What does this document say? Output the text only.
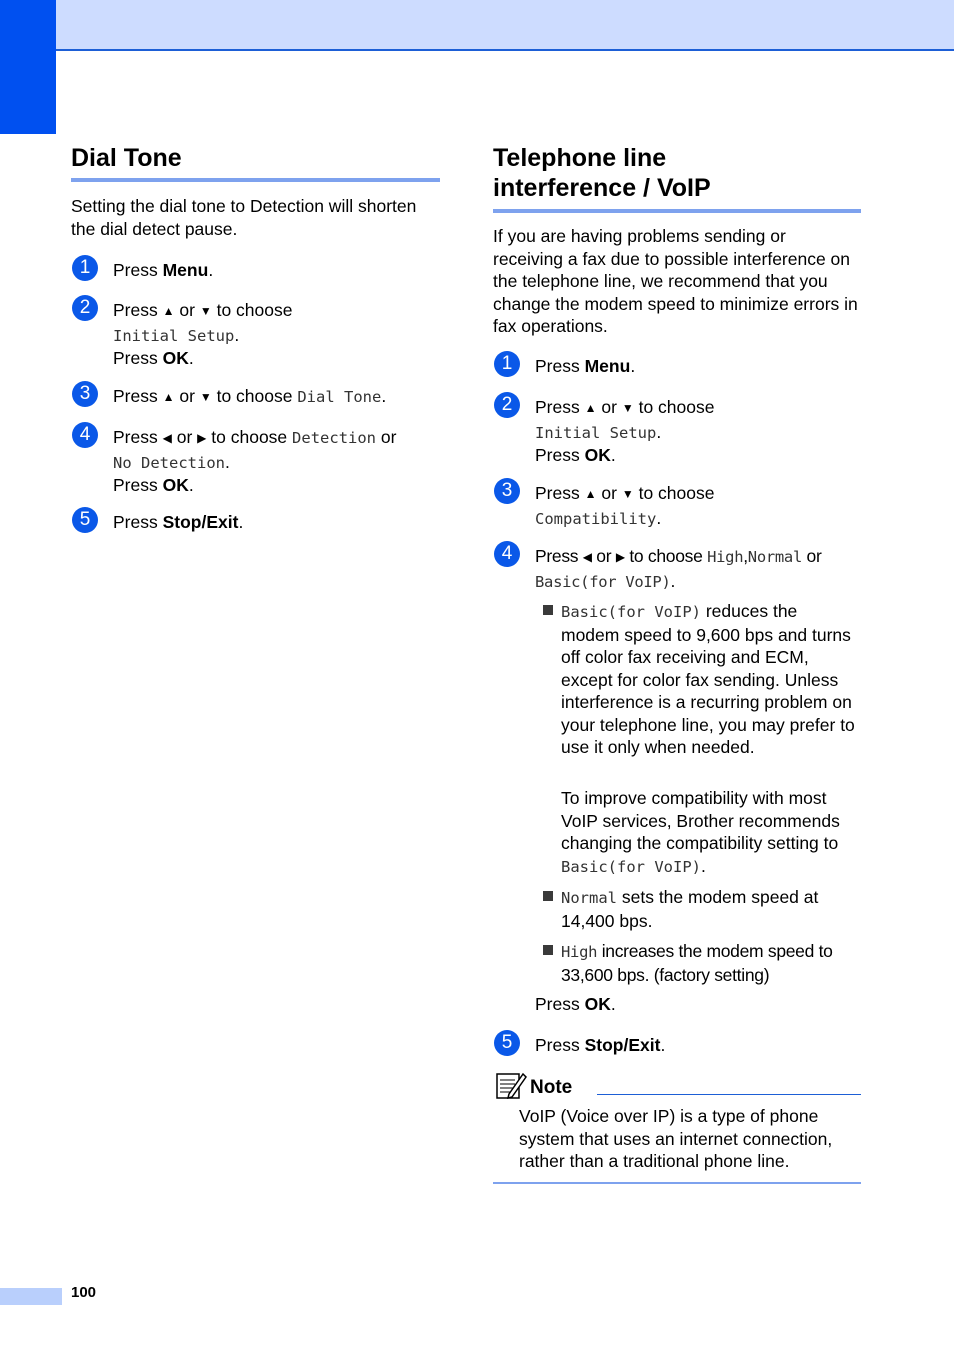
Dial Tone
Setting the dial tone to Detection will shorten the dial detect pause.
1	Press Menu.
2	Press ▲ or ▼ to choose
Initial Setup.
Press OK.
3	Press ▲ or ▼ to choose Dial Tone.
4	Press ◀ or ▶ to choose Detection or
No Detection.
Press OK.
5	Press Stop/Exit.
Telephone line
interference / VoIP
If you are having problems sending or receiving a fax due to possible interference on the telephone line, we recommend that you change the modem speed to minimize errors in fax operations.
1	Press Menu.
2	Press ▲ or ▼ to choose
Initial Setup.
Press OK.
3	Press ▲ or ▼ to choose
Compatibility.
4	Press ◀ or ▶ to choose High,Normal or
Basic(for VoIP).
Basic(for VoIP) reduces the modem speed to 9,600 bps and turns off color fax receiving and ECM, except for color fax sending. Unless interference is a recurring problem on your telephone line, you may prefer to use it only when needed.
To improve compatibility with most VoIP services, Brother recommends changing the compatibility setting to Basic(for VoIP).
Normal sets the modem speed at 14,400 bps.
High increases the modem speed to 33,600 bps. (factory setting)
Press OK.
5	Press Stop/Exit.
Note
VoIP (Voice over IP) is a type of phone system that uses an internet connection, rather than a traditional phone line.
100
